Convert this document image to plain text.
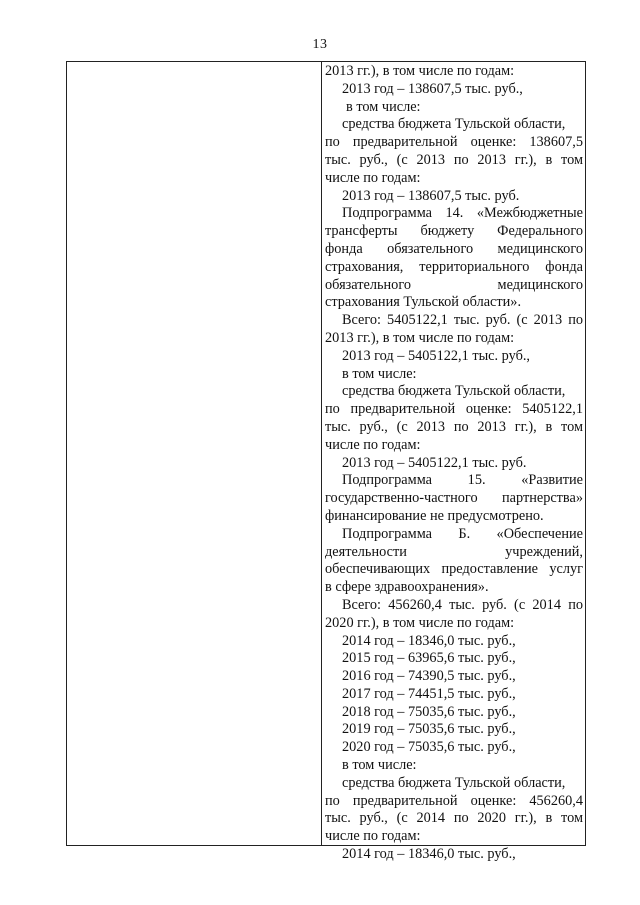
13
2013 гг.), в том числе по годам:
2013 год – 138607,5 тыс. руб.,
в том числе:
средства бюджета Тульской области,
по предварительной оценке: 138607,5
тыс. руб., (с 2013 по 2013 гг.), в том
числе по годам:
2013 год – 138607,5 тыс. руб.
Подпрограмма 14. «Межбюджетные
трансферты бюджету Федерального
фонда обязательного медицинского
страхования, территориального фонда
обязательного медицинского
страхования Тульской области».
Всего: 5405122,1 тыс. руб. (с 2013 по
2013 гг.), в том числе по годам:
2013 год – 5405122,1 тыс. руб.,
в том числе:
средства бюджета Тульской области,
по предварительной оценке: 5405122,1
тыс. руб., (с 2013 по 2013 гг.), в том
числе по годам:
2013 год – 5405122,1 тыс. руб.
Подпрограмма 15. «Развитие
государственно-частного партнерства»
финансирование не предусмотрено.
Подпрограмма Б. «Обеспечение
деятельности учреждений,
обеспечивающих предоставление услуг
в сфере здравоохранения».
Всего: 456260,4 тыс. руб. (с 2014 по
2020 гг.), в том числе по годам:
2014 год – 18346,0 тыс. руб.,
2015 год – 63965,6 тыс. руб.,
2016 год – 74390,5 тыс. руб.,
2017 год – 74451,5 тыс. руб.,
2018 год – 75035,6 тыс. руб.,
2019 год – 75035,6 тыс. руб.,
2020 год – 75035,6 тыс. руб.,
в том числе:
средства бюджета Тульской области,
по предварительной оценке: 456260,4
тыс. руб., (с 2014 по 2020 гг.), в том
числе по годам:
2014 год – 18346,0 тыс. руб.,
